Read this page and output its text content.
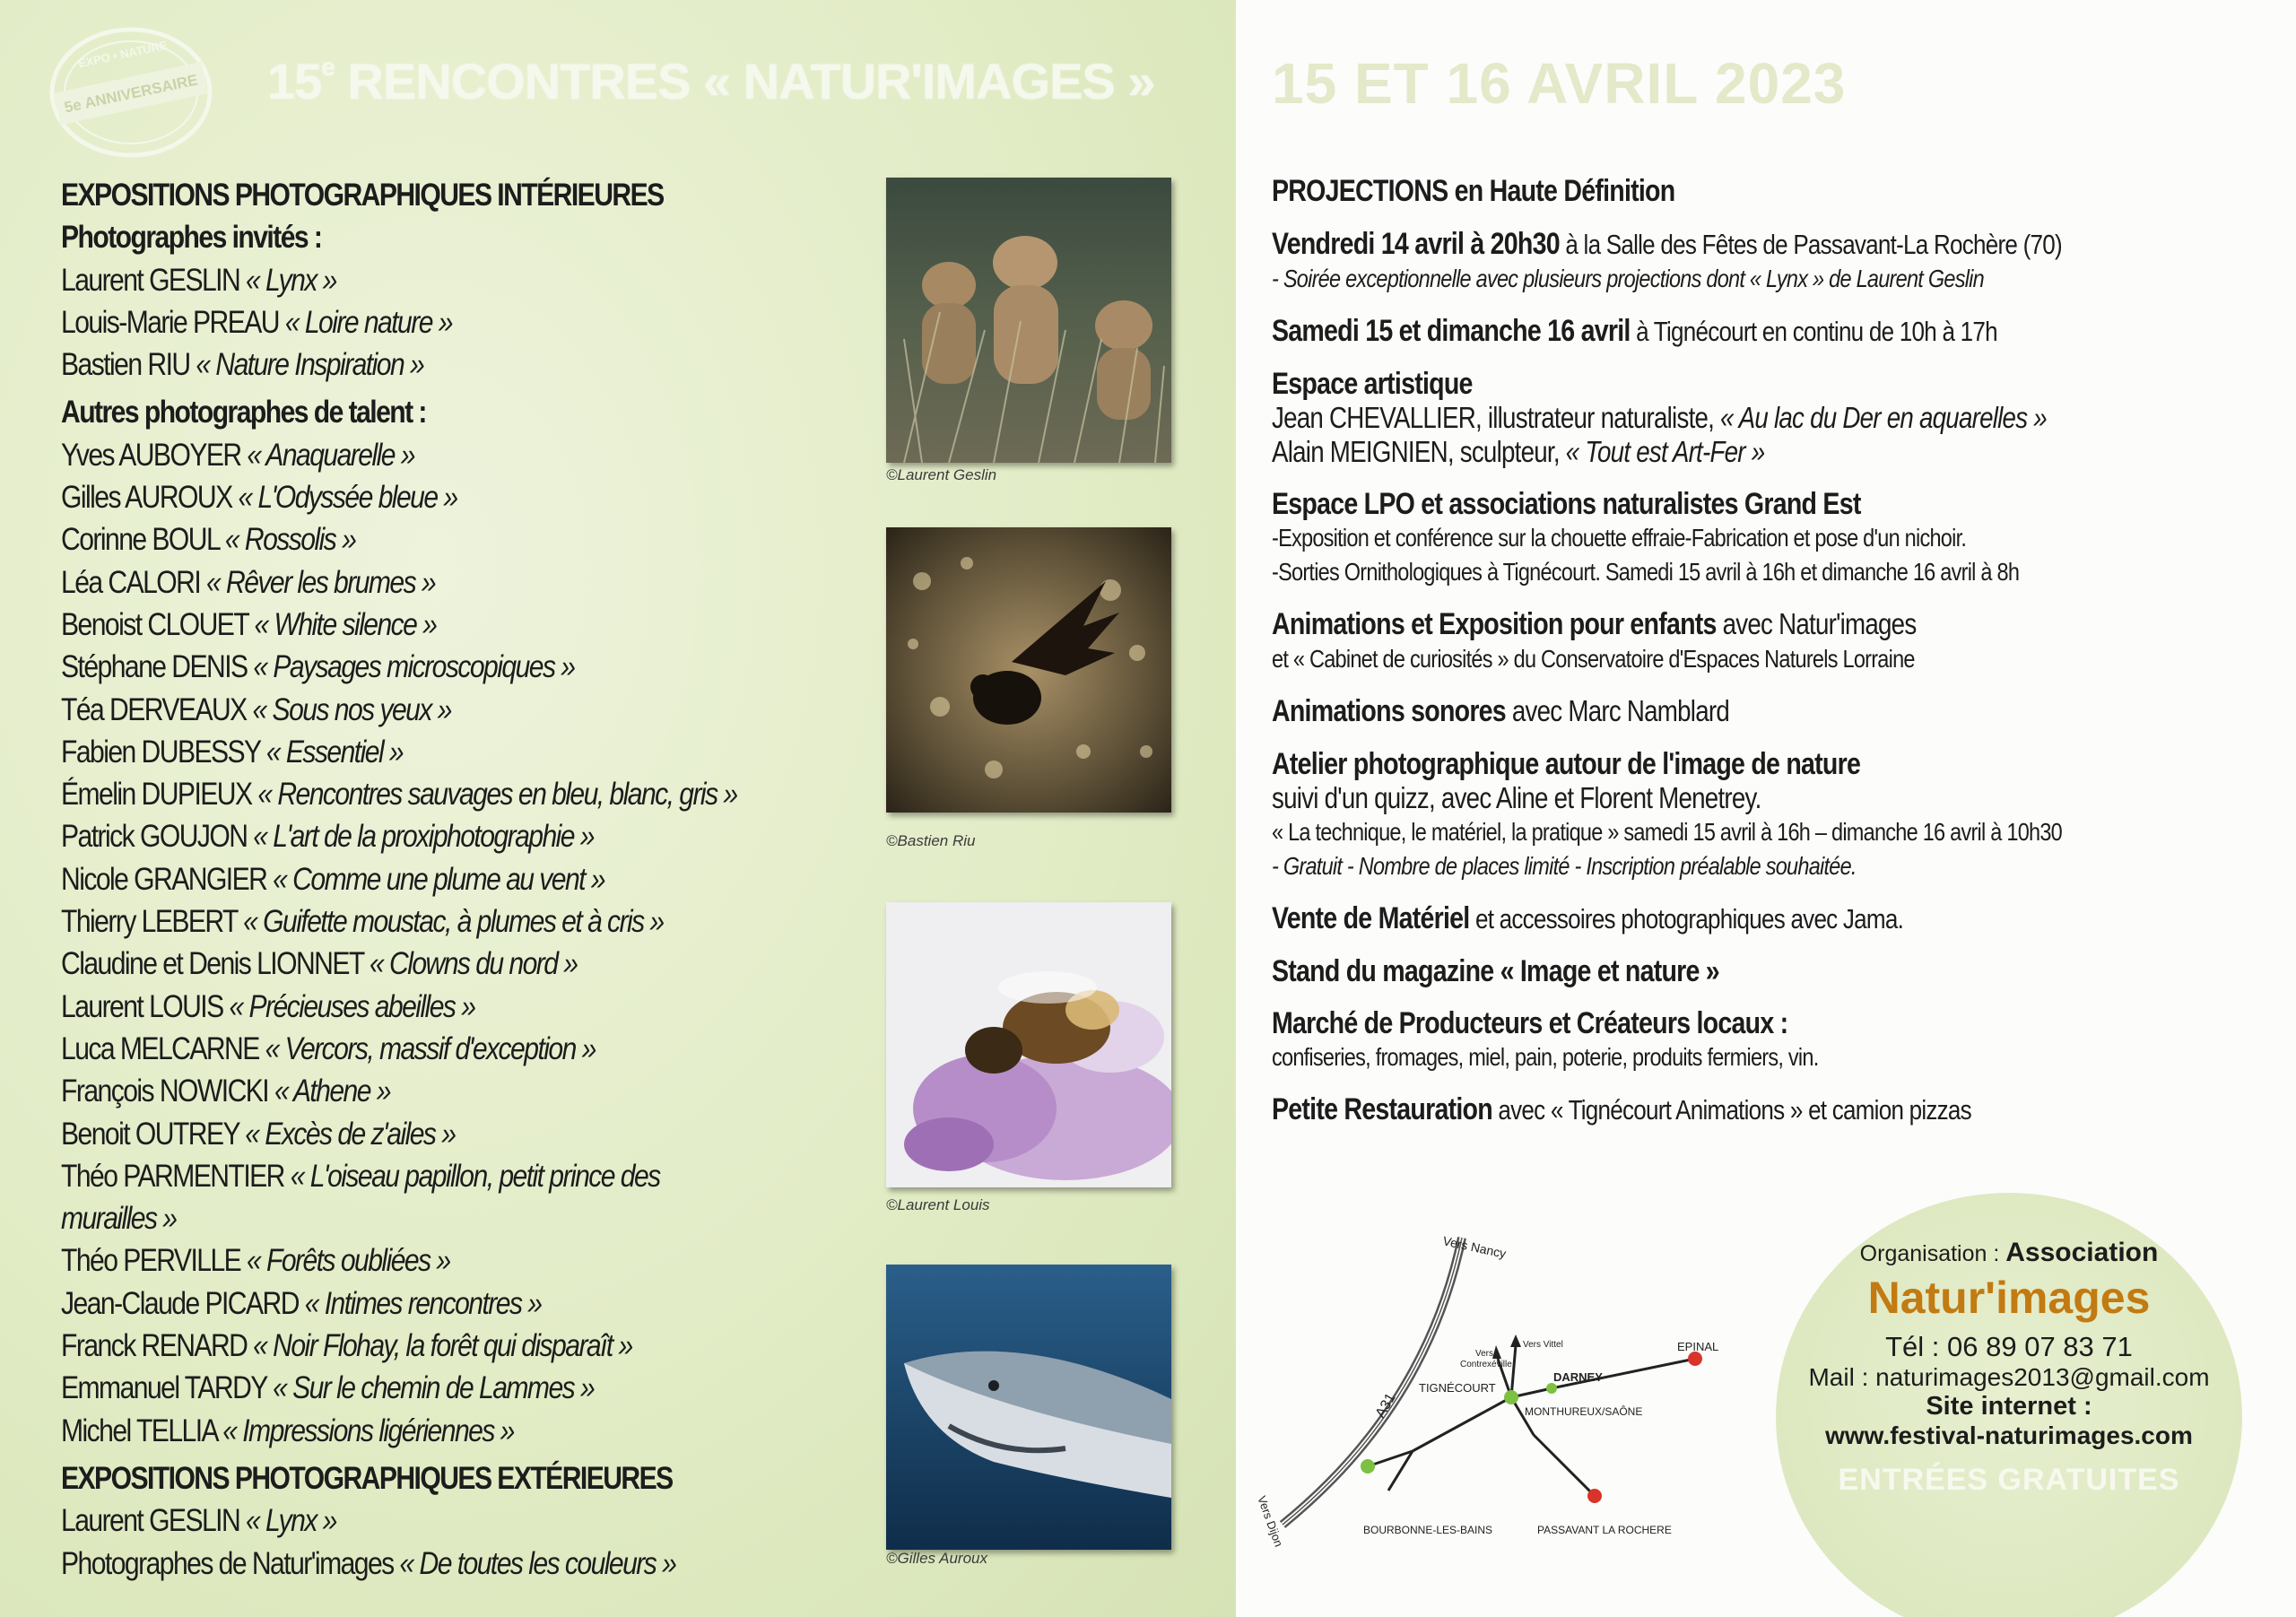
5e ANNIVERSAIRE
EXPO • NATURE 15e RENCONTRES « NATUR'IMAGES » 15 ET 16 AVRIL 2023
EXPOSITIONS PHOTOGRAPHIQUES INTÉRIEURES
Photographes invités :
Laurent GESLIN « Lynx »
Louis-Marie PREAU « Loire nature »
Bastien RIU « Nature Inspiration »
Autres photographes de talent :
Yves AUBOYER « Anaquarelle »
Gilles AUROUX « L'Odyssée bleue »
Corinne BOUL « Rossolis »
Léa CALORI « Rêver les brumes »
Benoist CLOUET « White silence »
Stéphane DENIS « Paysages microscopiques »
Téa DERVEAUX « Sous nos yeux »
Fabien DUBESSY « Essentiel »
Émelin DUPIEUX « Rencontres sauvages en bleu, blanc, gris »
Patrick GOUJON « L'art de la proxiphotographie »
Nicole GRANGIER « Comme une plume au vent »
Thierry LEBERT « Guifette moustac, à plumes et à cris »
Claudine et Denis LIONNET « Clowns du nord »
Laurent LOUIS « Précieuses abeilles »
Luca MELCARNE « Vercors, massif d'exception »
François NOWICKI « Athene »
Benoit OUTREY « Excès de z'ailes »
Théo PARMENTIER « L'oiseau papillon, petit prince des murailles »
Théo PERVILLE « Forêts oubliées »
Jean-Claude PICARD « Intimes rencontres »
Franck RENARD « Noir Flohay, la forêt qui disparaît »
Emmanuel TARDY « Sur le chemin de Lammes »
Michel TELLIA « Impressions ligériennes »
EXPOSITIONS PHOTOGRAPHIQUES EXTÉRIEURES
Laurent GESLIN « Lynx »
Photographes de Natur'images « De toutes les couleurs »
©Laurent Geslin
©Bastien Riu
©Laurent Louis
©Gilles Auroux
PROJECTIONS en Haute Définition
Vendredi 14 avril à 20h30 à la Salle des Fêtes de Passavant-La Rochère (70)
- Soirée exceptionnelle avec plusieurs projections dont « Lynx » de Laurent Geslin
Samedi 15 et dimanche 16 avril à Tignécourt en continu de 10h à 17h
Espace artistique
Jean CHEVALLIER, illustrateur naturaliste, « Au lac du Der en aquarelles »
Alain MEIGNIEN, sculpteur, « Tout est Art-Fer »
Espace LPO et associations naturalistes Grand Est
-Exposition et conférence sur la chouette effraie-Fabrication et pose d'un nichoir.
-Sorties Ornithologiques à Tignécourt. Samedi 15 avril à 16h et dimanche 16 avril à 8h
Animations et Exposition pour enfants avec Natur'images
et « Cabinet de curiosités » du Conservatoire d'Espaces Naturels Lorraine
Animations sonores avec Marc Namblard
Atelier photographique autour de l'image de nature
suivi d'un quizz, avec Aline et Florent Menetrey.
« La technique, le matériel, la pratique » samedi 15 avril à 16h – dimanche 16 avril à 10h30
- Gratuit - Nombre de places limité - Inscription préalable souhaitée.
Vente de Matériel et accessoires photographiques avec Jama.
Stand du magazine « Image et nature »
Marché de Producteurs et Créateurs locaux :
confiseries, fromages, miel, pain, poterie, produits fermiers, vin.
Petite Restauration avec « Tignécourt Animations » et camion pizzas
Vers Nancy
A31
Vers Dijon
Vers
Contrexéville
Vers Vittel	EPINAL
DARNEY
TIGNÉCOURT
MONTHUREUX/SAÔNE
BOURBONNE-LES-BAINS	PASSAVANT LA ROCHERE
Organisation : Association
Natur'images
Tél : 06 89 07 83 71
Mail : naturimages2013@gmail.com
Site internet :
www.festival-naturimages.com
ENTRÉES GRATUITES
